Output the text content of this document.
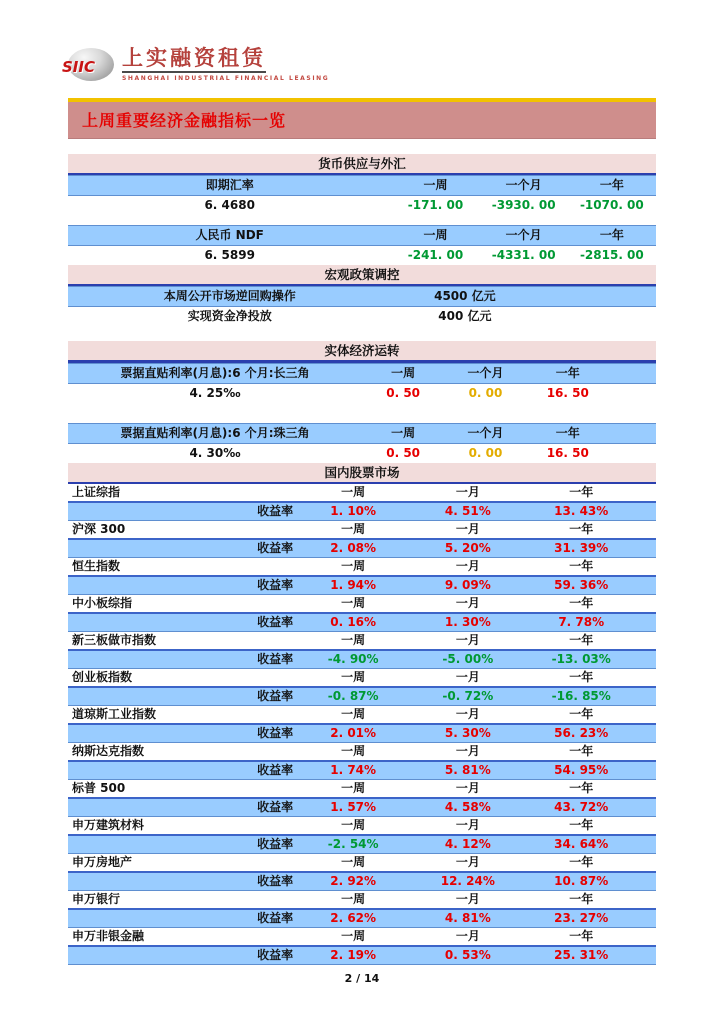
SIIC 上实融资租赁
SHANGHAI INDUSTRIAL FINANCIAL LEASING
上周重要经济金融指标一览
货币供应与外汇
即期汇率	一周	一个月	一年
6. 4680	-171. 00	-3930. 00	-1070. 00
人民币 NDF	一周	一个月	一年
6. 5899	-241. 00	-4331. 00	-2815. 00
宏观政策调控
本周公开市场逆回购操作	4500 亿元
实现资金净投放	400 亿元
实体经济运转
票据直贴利率(月息):6 个月:长三角	一周	一个月	一年
4. 25‰	0. 50	0. 00	16. 50
票据直贴利率(月息):6 个月:珠三角	一周	一个月	一年
4. 30‰	0. 50	0. 00	16. 50
国内股票市场
上证综指	一周	一月	一年
收益率	1. 10%	4. 51%	13. 43%
沪深 300	一周	一月	一年
收益率	2. 08%	5. 20%	31. 39%
恒生指数	一周	一月	一年
收益率	1. 94%	9. 09%	59. 36%
中小板综指	一周	一月	一年
收益率	0. 16%	1. 30%	7. 78%
新三板做市指数	一周	一月	一年
收益率	-4. 90%	-5. 00%	-13. 03%
创业板指数	一周	一月	一年
收益率	-0. 87%	-0. 72%	-16. 85%
道琼斯工业指数	一周	一月	一年
收益率	2. 01%	5. 30%	56. 23%
纳斯达克指数	一周	一月	一年
收益率	1. 74%	5. 81%	54. 95%
标普 500	一周	一月	一年
收益率	1. 57%	4. 58%	43. 72%
申万建筑材料	一周	一月	一年
收益率	-2. 54%	4. 12%	34. 64%
申万房地产	一周	一月	一年
收益率	2. 92%	12. 24%	10. 87%
申万银行	一周	一月	一年
收益率	2. 62%	4. 81%	23. 27%
申万非银金融	一周	一月	一年
收益率	2. 19%	0. 53%	25. 31%
2 / 14
